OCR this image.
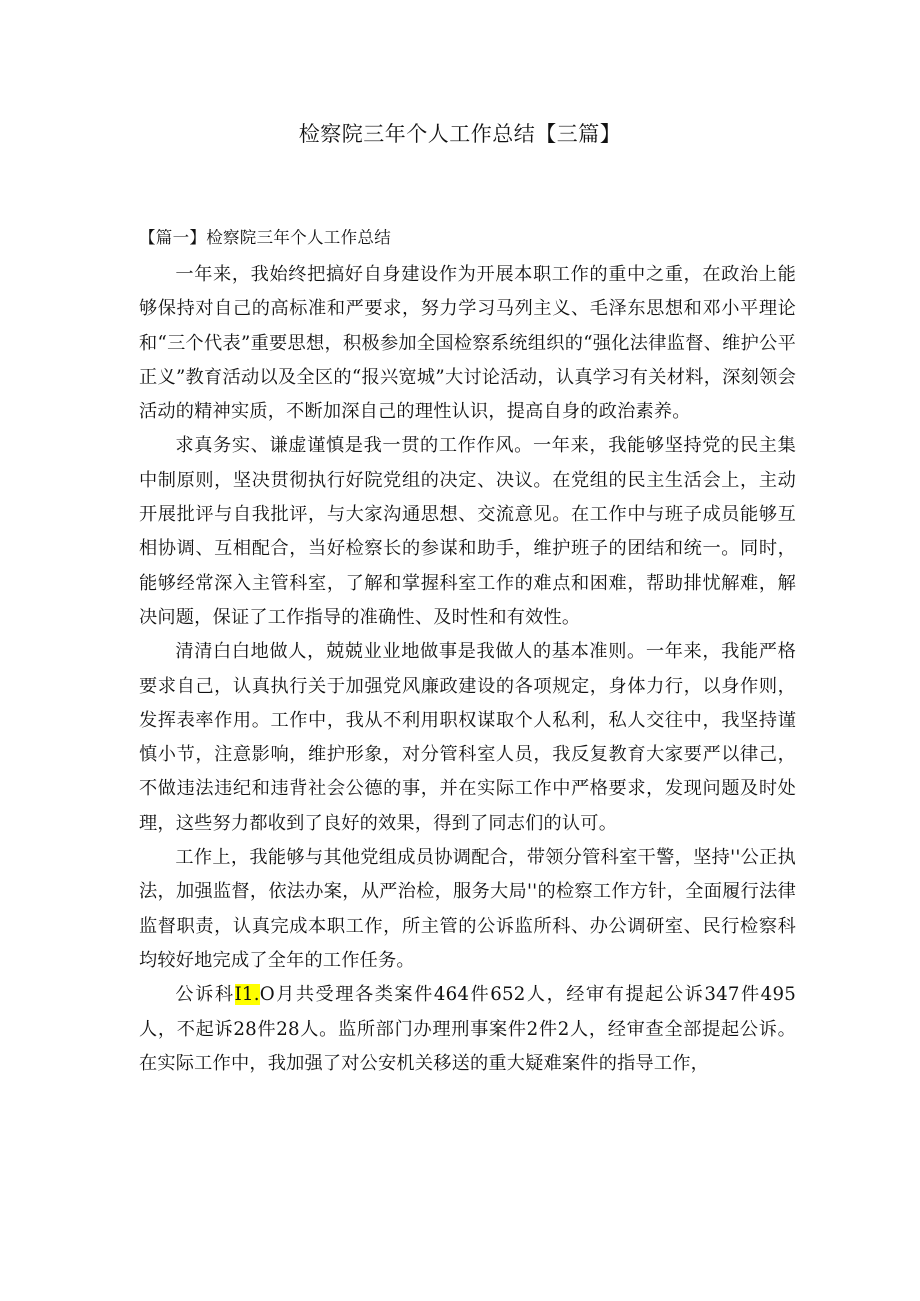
检察院三年个人工作总结【三篇】
【篇一】检察院三年个人工作总结

一年来，我始终把搞好自身建设作为开展本职工作的重中之重，在政治上能够保持对自己的高标准和严要求，努力学习马列主义、毛泽东思想和邓小平理论和“三个代表”重要思想，积极参加全国检察系统组织的“强化法律监督、维护公平正义”教育活动以及全区的“报兴宽城”大讨论活动，认真学习有关材料，深刻领会活动的精神实质，不断加深自己的理性认识，提高自身的政治素养。

求真务实、谦虚谨慎是我一贯的工作作风。一年来，我能够坚持党的民主集中制原则，坚决贯彻执行好院党组的决定、决议。在党组的民主生活会上，主动开展批评与自我批评，与大家沟通思想、交流意见。在工作中与班子成员能够互相协调、互相配合，当好检察长的参谋和助手，维护班子的团结和统一。同时，能够经常深入主管科室，了解和掌握科室工作的难点和困难，帮助排忧解难，解决问题，保证了工作指导的准确性、及时性和有效性。

清清白白地做人，兢兢业业地做事是我做人的基本准则。一年来，我能严格要求自己，认真执行关于加强党风廉政建设的各项规定，身体力行，以身作则，发挥表率作用。工作中，我从不利用职权谋取个人私利，私人交往中，我坚持谨慎小节，注意影响，维护形象，对分管科室人员，我反复教育大家要严以律己，不做违法违纪和违背社会公德的事，并在实际工作中严格要求，发现问题及时处理，这些努力都收到了良好的效果，得到了同志们的认可。

工作上，我能够与其他党组成员协调配合，带领分管科室干警，坚持''公正执法，加强监督，依法办案，从严治检，服务大局''的检察工作方针，全面履行法律监督职责，认真完成本职工作，所主管的公诉监所科、办公调研室、民行检察科均较好地完成了全年的工作任务。

公诉科I1.O月共受理各类案件464件652人，经审有提起公诉347件495人，不起诉28件28人。监所部门办理刑事案件2件2人，经审查全部提起公诉。在实际工作中，我加强了对公安机关移送的重大疑难案件的指导工作，
